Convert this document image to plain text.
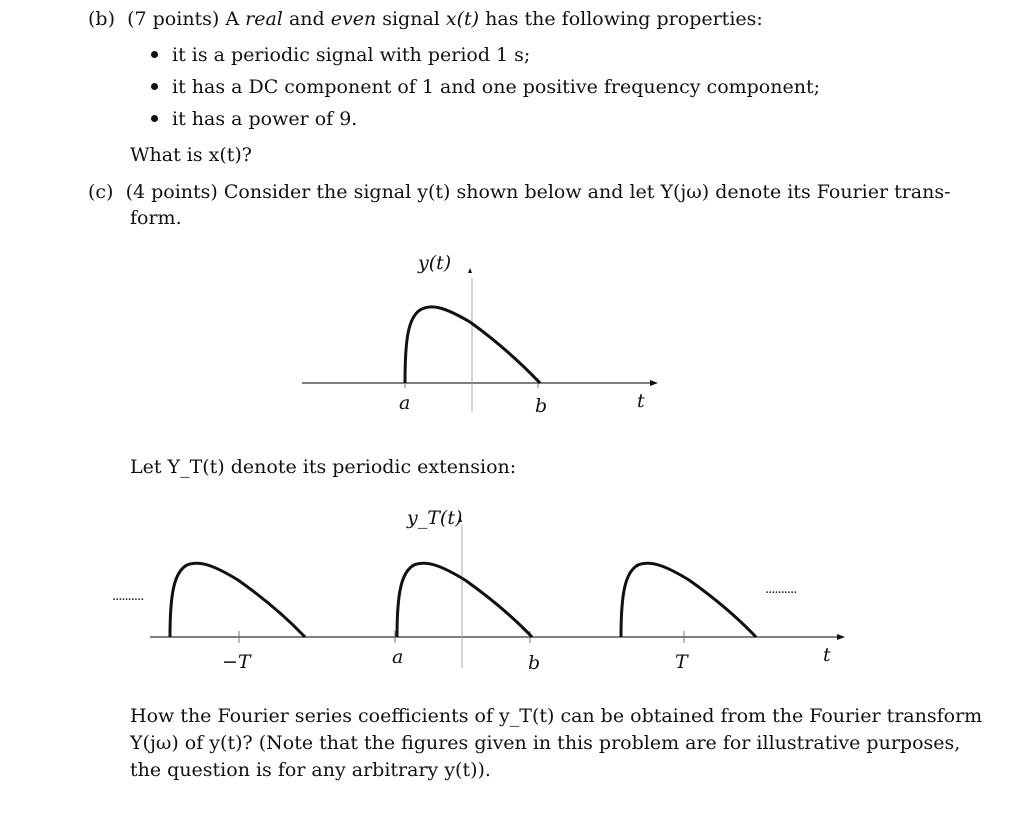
(b) (7 points) A real and even signal x(t) has the following properties:
it is a periodic signal with period 1 s;
it has a DC component of 1 and one positive frequency component;
it has a power of 9.
What is x(t)?
(c) (4 points) Consider the signal y(t) shown below and let Y(jω) denote its Fourier trans-
form.
y(t)
a	b	t
Let Y_T(t) denote its periodic extension:
..........	..........
y_T(t)
−T	a	b	T	t
How the Fourier series coefficients of y_T(t) can be obtained from the Fourier transform
Y(jω) of y(t)? (Note that the figures given in this problem are for illustrative purposes,
the question is for any arbitrary y(t)).
